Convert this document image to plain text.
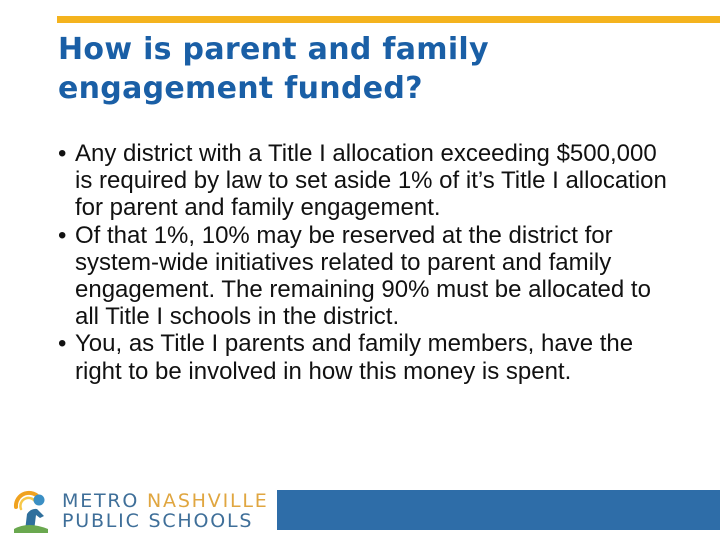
How is parent and family
engagement funded?
• Any district with a Title I allocation exceeding $500,000 is required by law to set aside 1% of it’s Title I allocation for parent and family engagement.
• Of that 1%, 10% may be reserved at the district for system-wide initiatives related to parent and family engagement. The remaining 90% must be allocated to all Title I schools in the district.
• You, as Title I parents and family members, have the right to be involved in how this money is spent.
METRO NASHVILLE
PUBLIC SCHOOLS
